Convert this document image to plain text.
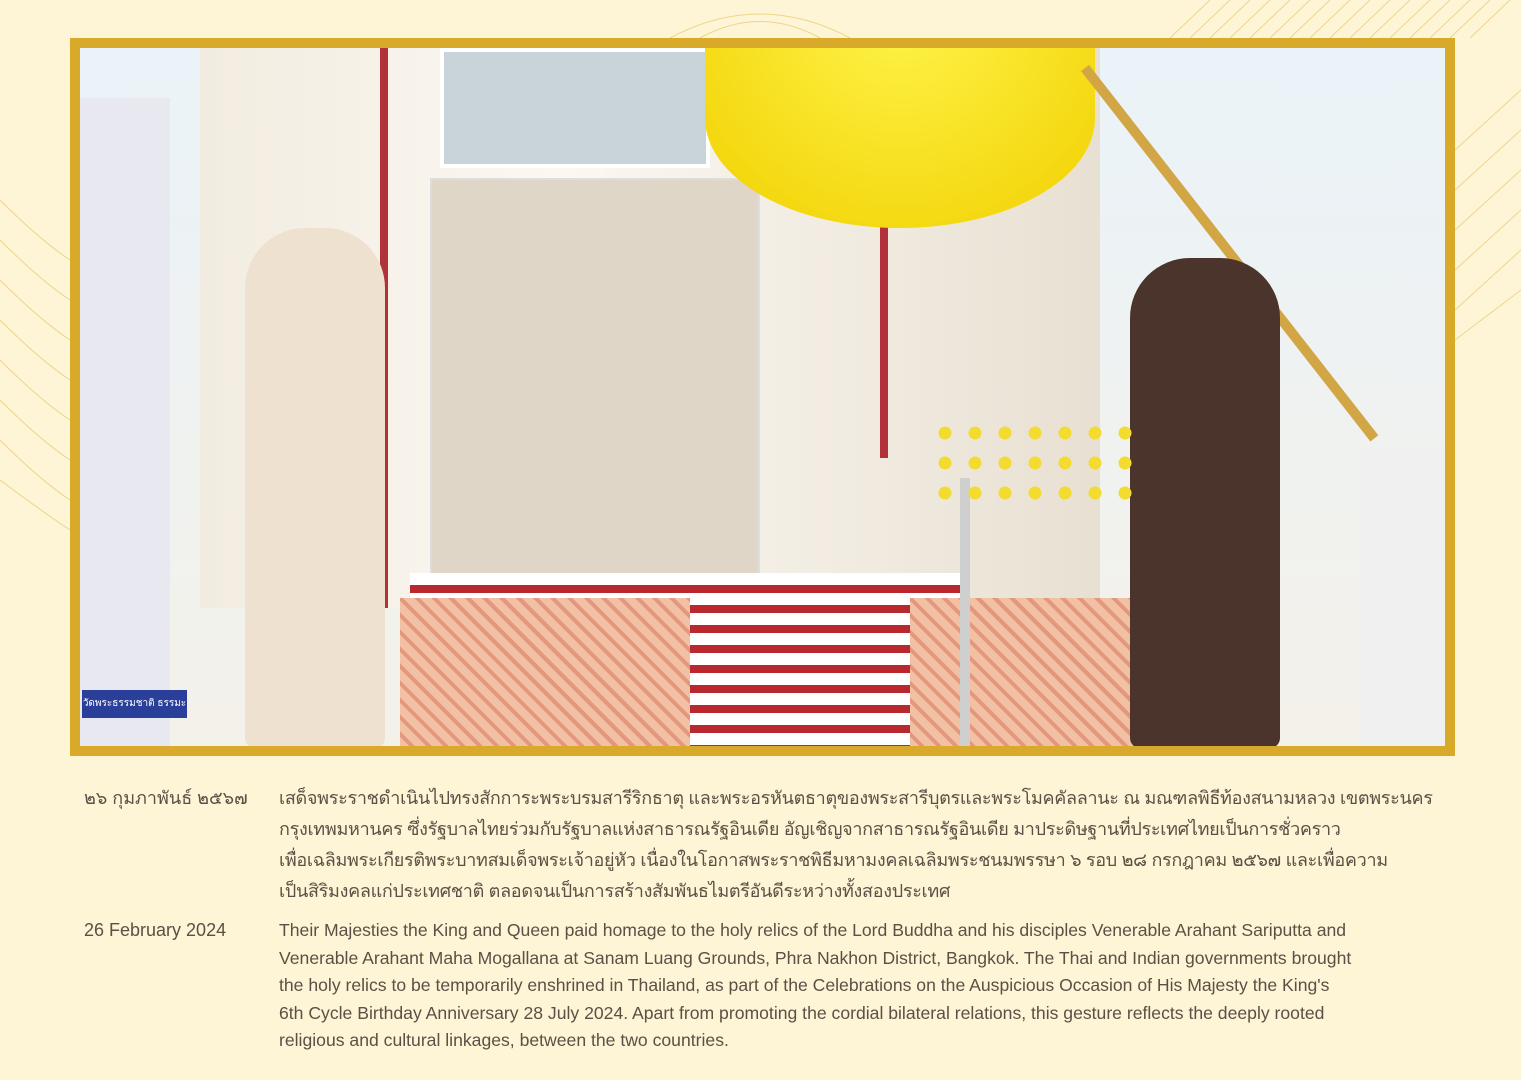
วัดพระธรรมชาติ ธรรมะ
๒๖ กุมภาพันธ์ ๒๕๖๗	เสด็จพระราชดำเนินไปทรงสักการะพระบรมสารีริกธาตุ และพระอรหันตธาตุของพระสารีบุตรและพระโมคคัลลานะ ณ มณฑลพิธีท้องสนามหลวง เขตพระนคร
กรุงเทพมหานคร ซึ่งรัฐบาลไทยร่วมกับรัฐบาลแห่งสาธารณรัฐอินเดีย อัญเชิญจากสาธารณรัฐอินเดีย มาประดิษฐานที่ประเทศไทยเป็นการชั่วคราว
เพื่อเฉลิมพระเกียรติพระบาทสมเด็จพระเจ้าอยู่หัว เนื่องในโอกาสพระราชพิธีมหามงคลเฉลิมพระชนมพรรษา ๖ รอบ ๒๘ กรกฎาคม ๒๕๖๗ และเพื่อความ
เป็นสิริมงคลแก่ประเทศชาติ ตลอดจนเป็นการสร้างสัมพันธไมตรีอันดีระหว่างทั้งสองประเทศ
26 February 2024	Their Majesties the King and Queen paid homage to the holy relics of the Lord Buddha and his disciples Venerable Arahant Sariputta and
Venerable Arahant Maha Mogallana at Sanam Luang Grounds, Phra Nakhon District, Bangkok. The Thai and Indian governments brought
the holy relics to be temporarily enshrined in Thailand, as part of the Celebrations on the Auspicious Occasion of His Majesty the King's
6th Cycle Birthday Anniversary 28 July 2024. Apart from promoting the cordial bilateral relations, this gesture reflects the deeply rooted
religious and cultural linkages, between the two countries.
